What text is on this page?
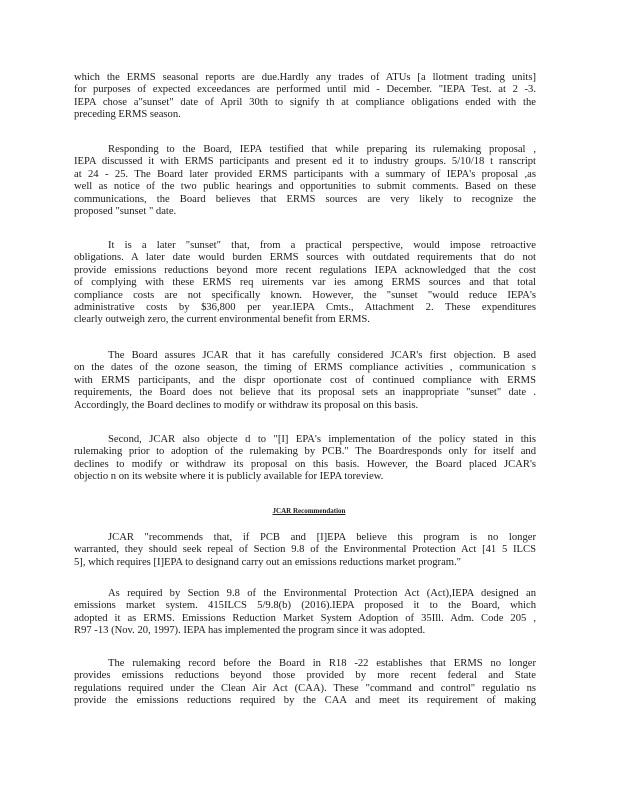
which the ERMS seasonal reports are due.Hardly any trades of ATUs [a llotment trading units]
for purposes of expected exceedances are performed until mid - December. "IEPA Test. at 2 -3.
IEPA chose a"sunset" date of April 30th to signify th at compliance obligations ended with the
preceding ERMS season.
Responding to the Board, IEPA testified that while preparing its rulemaking proposal ,
IEPA discussed it with ERMS participants and present ed it to industry groups. 5/10/18 t ranscript
at 24 - 25. The Board later provided ERMS participants with a summary of IEPA's proposal ,as
well as notice of the two public hearings and opportunities to submit comments. Based on these
communications, the Board believes that ERMS sources are very likely to recognize the
proposed "sunset " date.
It is a later "sunset" that, from a practical perspective, would impose retroactive
obligations. A later date would burden ERMS sources with outdated requirements that do not
provide emissions reductions beyond more recent regulations IEPA acknowledged that the cost
of complying with these ERMS req uirements var ies among ERMS sources and that total
compliance costs are not specifically known. However, the "sunset "would reduce IEPA's
administrative costs by $36,800 per year.IEPA Cmts., Attachment 2. These expenditures
clearly outweigh zero, the current environmental benefit from ERMS.
The Board assures JCAR that it has carefully considered JCAR's first objection. B ased
on the dates of the ozone season, the timing of ERMS compliance activities , communication s
with ERMS participants, and the dispr oportionate cost of continued compliance with ERMS
requirements, the Board does not believe that its proposal sets an inappropriate "sunset" date .
Accordingly, the Board declines to modify or withdraw its proposal on this basis.
Second, JCAR also objecte d to "[I] EPA's implementation of the policy stated in this
rulemaking prior to adoption of the rulemaking by PCB." The Boardresponds only for itself and
declines to modify or withdraw its proposal on this basis. However, the Board placed JCAR's
objectio n on its website where it is publicly available for IEPA toreview.
JCAR Recommendation
JCAR "recommends that, if PCB and [I]EPA believe this program is no longer
warranted, they should seek repeal of Section 9.8 of the Environmental Protection Act [41 5 ILCS
5], which requires [I]EPA to designand carry out an emissions reductions market program."
As required by Section 9.8 of the Environmental Protection Act (Act),IEPA designed an
emissions market system. 415ILCS 5/9.8(b) (2016).IEPA proposed it to the Board, which
adopted it as ERMS. Emissions Reduction Market System Adoption of 35Ill. Adm. Code 205 ,
R97 -13 (Nov. 20, 1997). IEPA has implemented the program since it was adopted.
The rulemaking record before the Board in R18 -22 establishes that ERMS no longer
provides emissions reductions beyond those provided by more recent federal and State
regulations required under the Clean Air Act (CAA). These "command and control" regulatio ns
provide the emissions reductions required by the CAA and meet its requirement of making
